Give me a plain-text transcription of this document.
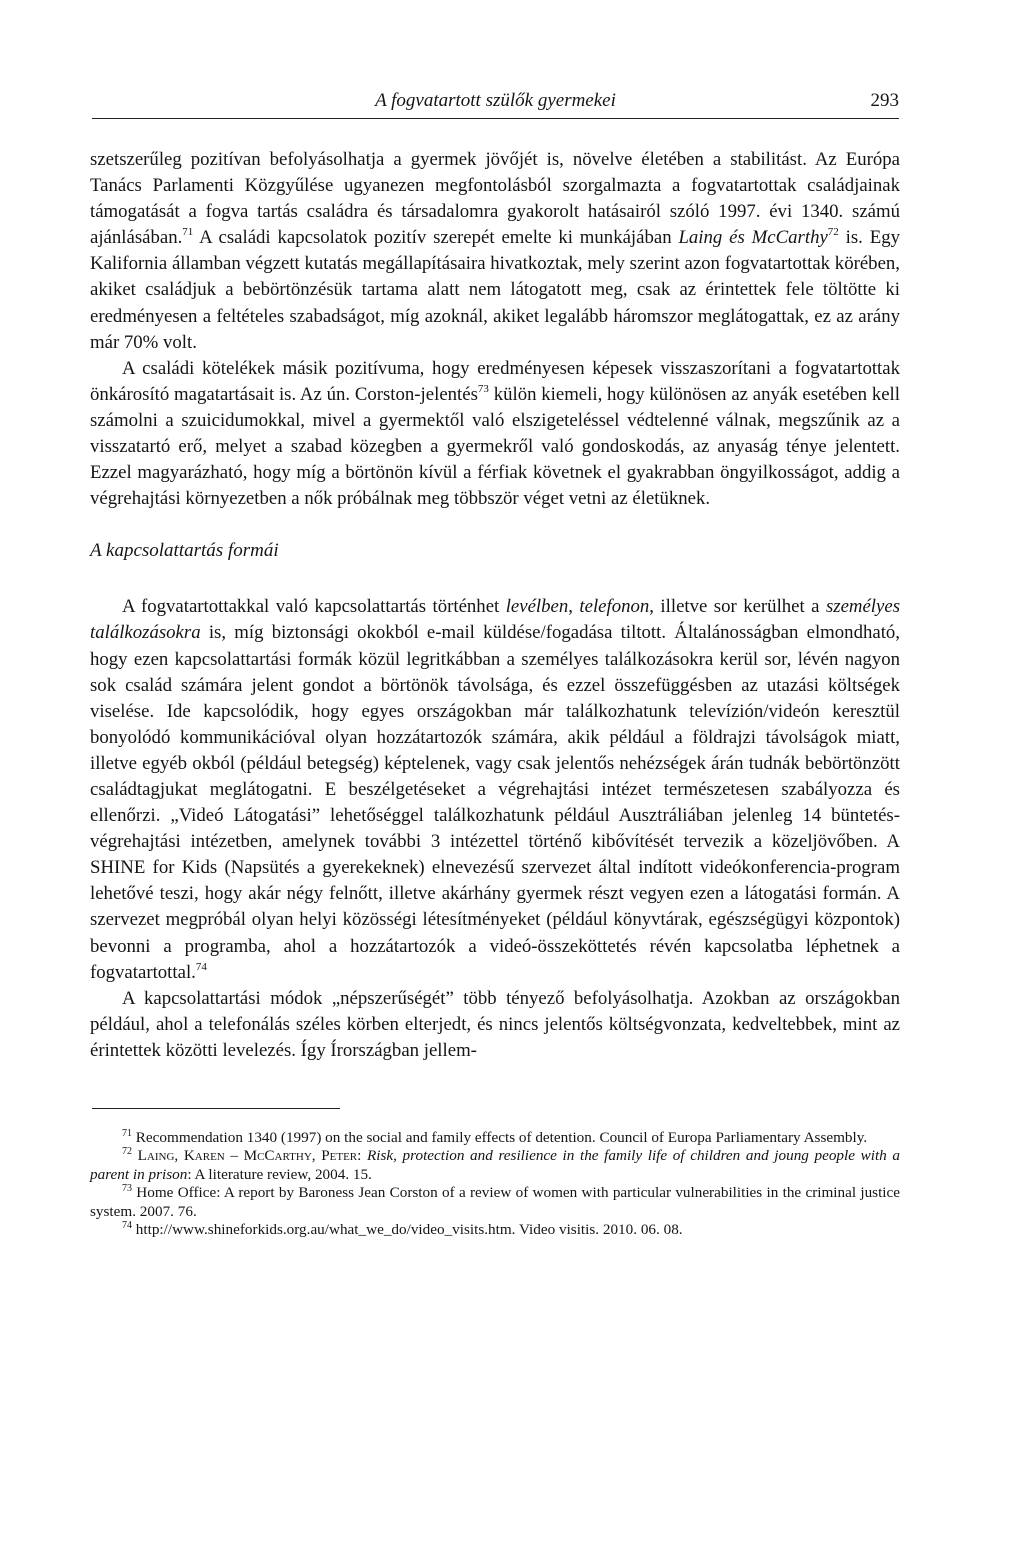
A fogvatartott szülők gyermekei	293

szetszerűleg pozitívan befolyásolhatja a gyermek jövőjét is, növelve életében a stabilitást. Az Európa Tanács Parlamenti Közgyűlése ugyanezen megfontolásból szorgalmazta a fogvatartottak családjainak támogatását a fogva tartás családra és társadalomra gyakorolt hatásairól szóló 1997. évi 1340. számú ajánlásában.$^{71}$ A családi kapcsolatok pozitív szerepét emelte ki munkájában Laing és McCarthy$^{72}$ is. Egy Kalifornia államban végzett kutatás megállapításaira hivatkoztak, mely szerint azon fogvatartottak körében, akiket családjuk a bebörtönzésük tartama alatt nem látogatott meg, csak az érintettek fele töltötte ki eredményesen a feltételes szabadságot, míg azoknál, akiket legalább háromszor meglátogattak, ez az arány már 70% volt.

A családi kötelékek másik pozitívuma, hogy eredményesen képesek visszaszorítani a fogvatartottak önkárosító magatartásait is. Az ún. Corston-jelentés$^{73}$ külön kiemeli, hogy különösen az anyák esetében kell számolni a szuicidumokkal, mivel a gyermektől való elszigeteléssel védtelenné válnak, megszűnik az a visszatartó erő, melyet a szabad közegben a gyermekről való gondoskodás, az anyaság ténye jelentett. Ezzel magyarázható, hogy míg a börtönön kívül a férfiak követnek el gyakrabban öngyilkosságot, addig a végrehajtási környezetben a nők próbálnak meg többször véget vetni az életüknek.

A kapcsolattartás formái

A fogvatartottakkal való kapcsolattartás történhet levélben, telefonon, illetve sor kerülhet a személyes találkozásokra is, míg biztonsági okokból e-mail küldése/fogadása tiltott. Általánosságban elmondható, hogy ezen kapcsolattartási formák közül legritkábban a személyes találkozásokra kerül sor, lévén nagyon sok család számára jelent gondot a börtönök távolsága, és ezzel összefüggésben az utazási költségek viselése. Ide kapcsolódik, hogy egyes országokban már találkozhatunk televízión/videón keresztül bonyolódó kommunikációval olyan hozzátartozók számára, akik például a földrajzi távolságok miatt, illetve egyéb okból (például betegség) képtelenek, vagy csak jelentős nehézségek árán tudnák bebörtönzött családtagjukat meglátogatni. E beszélgetéseket a végrehajtási intézet természetesen szabályozza és ellenőrzi. „Videó Látogatási” lehetőséggel találkozhatunk például Ausztráliában jelenleg 14 büntetés-végrehajtási intézetben, amelynek további 3 intézettel történő kibővítését tervezik a közeljövőben. A SHINE for Kids (Napsütés a gyerekeknek) elnevezésű szervezet által indított videókonferencia-program lehetővé teszi, hogy akár négy felnőtt, illetve akárhány gyermek részt vegyen ezen a látogatási formán. A szervezet megpróbál olyan helyi közösségi létesítményeket (például könyvtárak, egészségügyi központok) bevonni a programba, ahol a hozzátartozók a videó-összeköttetés révén kapcsolatba léphetnek a fogvatartottal.$^{74}$

A kapcsolattartási módok „népszerűségét” több tényező befolyásolhatja. Azokban az országokban például, ahol a telefonálás széles körben elterjedt, és nincs jelentős költségvonzata, kedveltebbek, mint az érintettek közötti levelezés. Így Írországban jellem-

$^{71}$ Recommendation 1340 (1997) on the social and family effects of detention. Council of Europa Parliamentary Assembly.

$^{72}$ Laing, Karen – McCarthy, Peter: Risk, protection and resilience in the family life of children and joung people with a parent in prison: A literature review, 2004. 15.

$^{73}$ Home Office: A report by Baroness Jean Corston of a review of women with particular vulnerabilities in the criminal justice system. 2007. 76.

$^{74}$ http://www.shineforkids.org.au/what_we_do/video_visits.htm. Video visitis. 2010. 06. 08.
